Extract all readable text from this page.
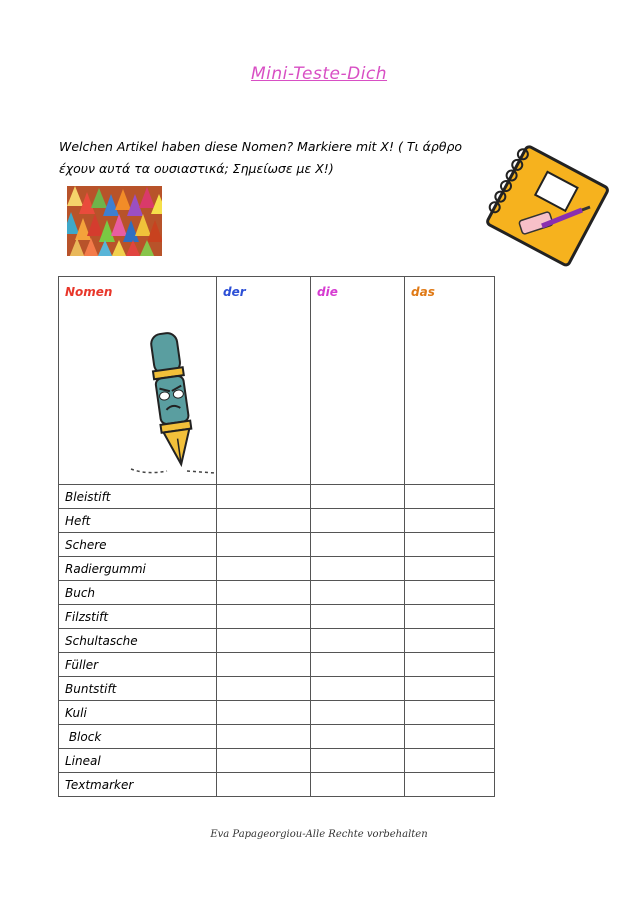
Mini-Teste-Dich
Welchen Artikel haben diese Nomen? Markiere mit X! ( Τι άρθρο έχουν αυτά τα ουσιαστικά; Σημείωσε με Χ!)
Nomen	der	die	das
Bleistift			
Heft			
Schere			
Radiergummi			
Buch			
Filzstift			
Schultasche			
Füller			
Buntstift			
Kuli			
Block			
Lineal			
Textmarker			
Eva Papageorgiou-Alle Rechte vorbehalten
